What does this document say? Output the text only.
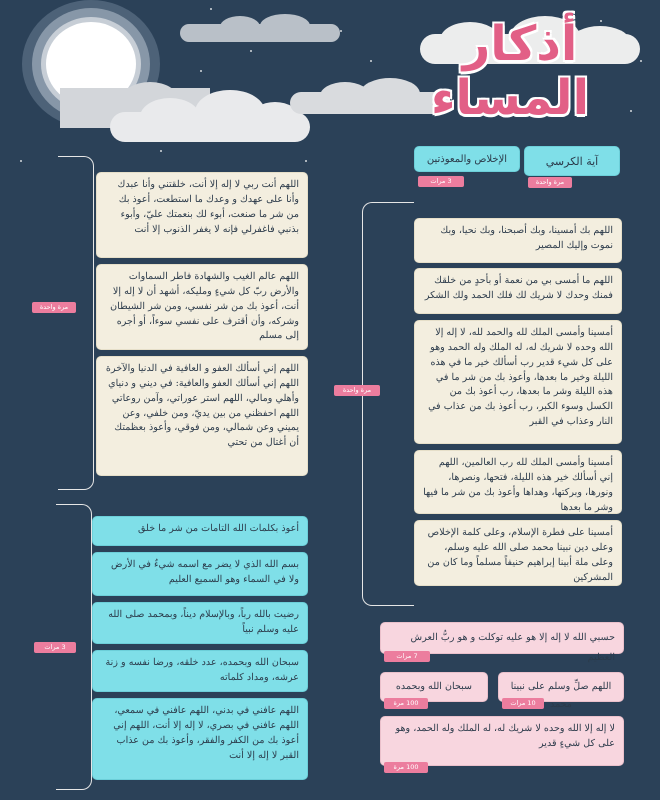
أذكار
المساء
آية الكرسي
مرة واحدة
الإخلاص والمعوذتين
3 مرات
مرة واحدة
اللهم بك أمسينا، وبك أصبحنا، وبك نحيا، وبك نموت وإليك المصير
اللهم ما أمسى بي من نعمة أو بأحدٍ من خلقك فمنك وحدك لا شريك لك فلك الحمد ولك الشكر
أمسينا وأمسى الملك لله والحمد لله، لا إله إلا الله وحده لا شريك له، له الملك وله الحمد وهو على كل شيء قدير رب أسألك خير ما في هذه الليلة وخير ما بعدها، وأعوذ بك من شر ما في هذه الليلة وشر ما بعدها، رب أعوذ بك من الكسل وسوء الكبر، رب أعوذ بك من عذاب في النار وعذاب في القبر
أمسينا وأمسى الملك لله رب العالمين، اللهم إني أسألك خير هذه الليلة، فتحها، ونصرها، ونورها، وبركتها، وهداها وأعوذ بك من شر ما فيها وشر ما بعدها
أمسينا على فطرة الإسلام، وعلى كلمة الإخلاص وعلى دين نبينا محمد صلى الله عليه وسلم، وعلى ملة أبينا إبراهيم حنيفاً مسلماً وما كان من المشركين
مرة واحدة
اللهم أنت ربي لا إله إلا أنت، خلقتني وأنا عبدك وأنا على عهدك و وعدك ما استطعت، أعوذ بك من شر ما صنعت، أبوء لك بنعمتك عليّ، وأبوء بذنبي فاغفرلي فإنه لا يغفر الذنوب إلا أنت
اللهم عالم الغيب والشهادة فاطر السماوات والأرض ربّ كل شيءٍ ومليكه، أشهد أن لا إله إلا أنت، أعوذ بك من شر نفسي، ومن شر الشيطان وشركه، وأن أقترف على نفسي سوءاً، أو أجره إلى مسلم
اللهم إني أسألك العفو و العافية في الدنيا والآخرة اللهم إني أسألك العفو والعافية: في ديني و دنياي وأهلي ومالي، اللهم استر عوراتي، وآمن روعاتي اللهم احفظني من بين يديّ، ومن خلفي، وعن يميني وعن شمالي، ومن فوقي، وأعوذ بعظمتك أن أغتال من تحتي
3 مرات
أعوذ بكلمات الله التامات من شر ما خلق
بسم الله الذي لا يضر مع اسمه شيءٌ في الأرض ولا في السماء وهو السميع العليم
رضيت بالله رباً، وبالإسلام ديناً، وبمحمد صلى الله عليه وسلم نبياً
سبحان الله وبحمده، عدد خلقه، ورضا نفسه و زنة عرشه، ومداد كلماته
اللهم عافني في بدني، اللهم عافني في سمعي، اللهم عافني في بصري، لا إله إلا أنت، اللهم إني أعوذ بك من الكفر والفقر، وأعوذ بك من عذاب القبر لا إله إلا أنت
حسبي الله لا إله إلا هو عليه توكلت و هو ربُّ العرش العظيم
7 مرات
اللهم صلِّ وسلم على نبينا محمد
10 مرات
سبحان الله وبحمده
100 مرة
لا إله إلا الله وحده لا شريك له، له الملك وله الحمد، وهو على كل شيءٍ قدير
100 مرة
